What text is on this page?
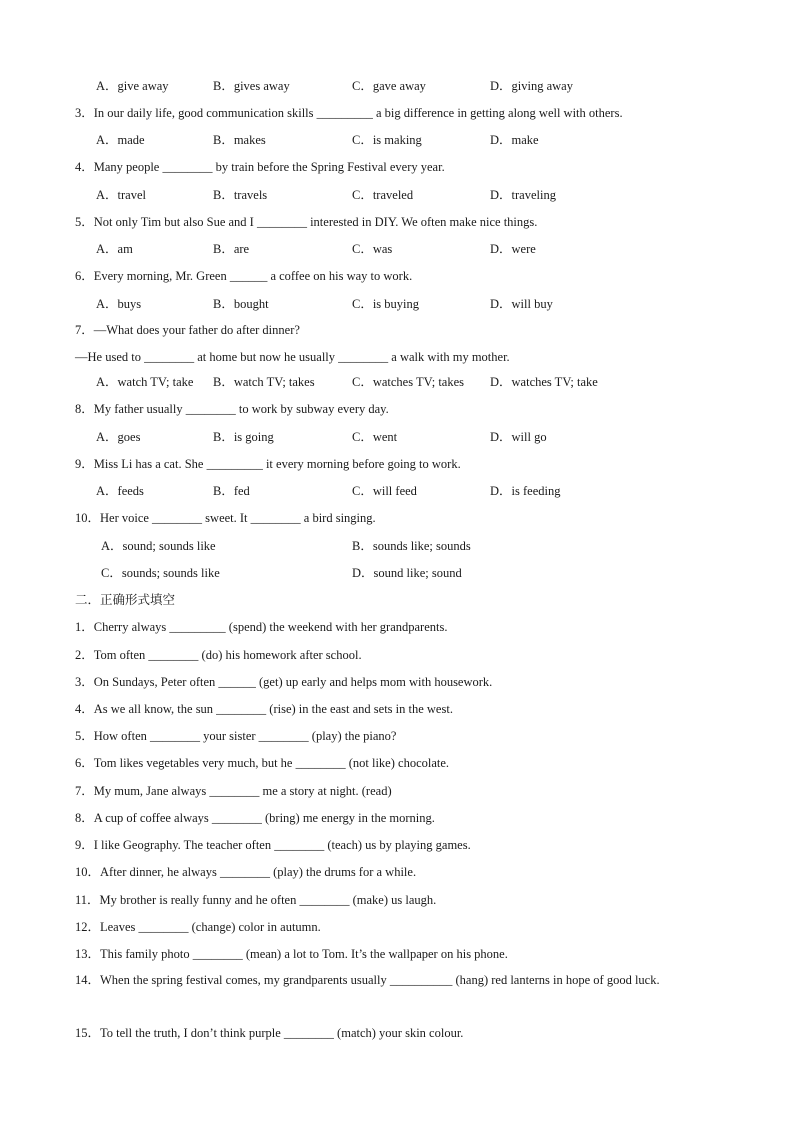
A．give away	B．gives away	C．gave away	D．giving away
3．In our daily life, good communication skills _________ a big difference in getting along well with others.
A．made	B．makes	C．is making	D．make
4．Many people ________ by train before the Spring Festival every year.
A．travel	B．travels	C．traveled	D．traveling
5．Not only Tim but also Sue and I ________ interested in DIY. We often make nice things.
A．am	B．are	C．was	D．were
6．Every morning, Mr. Green ______ a coffee on his way to work.
A．buys	B．bought	C．is buying	D．will buy
7．—What does your father do after dinner?
—He used to ________ at home but now he usually ________ a walk with my mother.
A．watch TV; take B．watch TV; takes	C．watches TV; takes D．watches TV; take
8．My father usually ________ to work by subway every day.
A．goes	B．is going	C．went	D．will go
9．Miss Li has a cat. She _________ it every morning before going to work.
A．feeds	B．fed	C．will feed	D．is feeding
10．Her voice ________ sweet. It ________ a bird singing.
A．sound; sounds like	B．sounds like; sounds
C．sounds; sounds like	D．sound like; sound
二．正确形式填空
1．Cherry always _________ (spend) the weekend with her grandparents.
2．Tom often ________ (do) his homework after school.
3．On Sundays, Peter often ______ (get) up early and helps mom with housework.
4．As we all know, the sun ________ (rise) in the east and sets in the west.
5．How often ________ your sister ________ (play) the piano?
6．Tom likes vegetables very much, but he ________ (not like) chocolate.
7．My mum, Jane always ________ me a story at night. (read)
8．A cup of coffee always ________ (bring) me energy in the morning.
9．I like Geography. The teacher often ________ (teach) us by playing games.
10．After dinner, he always ________ (play) the drums for a while.
11．My brother is really funny and he often ________ (make) us laugh.
12．Leaves ________ (change) color in autumn.
13．This family photo ________ (mean) a lot to Tom. It’s the wallpaper on his phone.
14．When the spring festival comes, my grandparents usually __________ (hang) red lanterns in hope of good luck.
15．To tell the truth, I don’t think purple ________ (match) your skin colour.
